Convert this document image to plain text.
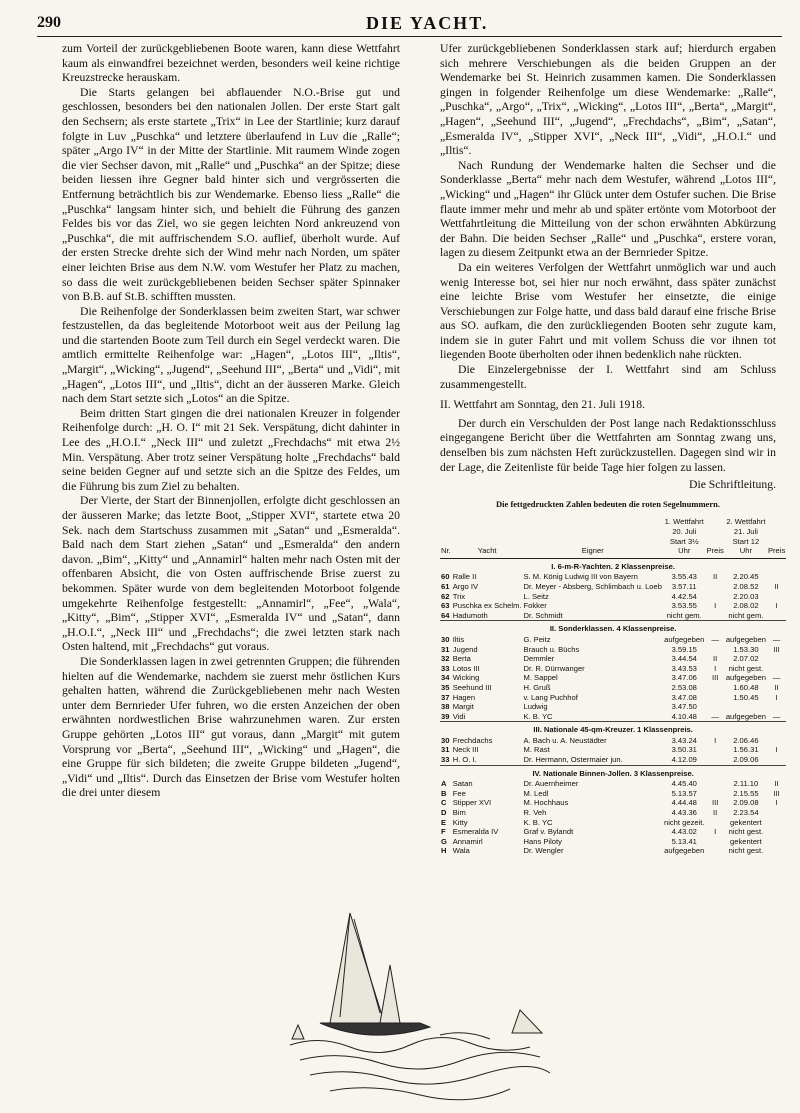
290	DIE YACHT.

zum Vorteil der zurückgebliebenen Boote waren, kann diese Wettfahrt kaum als einwandfrei bezeichnet werden, besonders weil keine richtige Kreuzstrecke herauskam.

Die Starts gelangen bei abflauender N.O.-Brise gut und geschlossen, besonders bei den nationalen Jollen. Der erste Start galt den Sechsern; als erste startete „Trix“ in Lee der Startlinie; kurz darauf folgte in Luv „Puschka“ und letztere überlaufend in Luv die „Ralle“; später „Argo IV“ in der Mitte der Startlinie. Mit raumem Winde zogen die vier Sechser davon, mit „Ralle“ und „Puschka“ an der Spitze; diese beiden liessen ihre Gegner bald hinter sich und vergrösserten die Entfernung beträchtlich bis zur Wendemarke. Ebenso liess „Ralle“ die „Puschka“ langsam hinter sich, und behielt die Führung des ganzen Feldes bis vor das Ziel, wo sie gegen leichten Nord ankreuzend von „Puschka“, die mit auffrischendem S.O. auflief, überholt wurde. Auf der ersten Strecke drehte sich der Wind mehr nach Norden, um später einer leichten Brise aus dem N.W. vom Westufer her Platz zu machen, so dass die weit zurückgebliebenen beiden Sechser später Spinnaker von B.B. auf St.B. schifften mussten.

Die Reihenfolge der Sonderklassen beim zweiten Start, war schwer festzustellen, da das begleitende Motorboot weit aus der Peilung lag und die startenden Boote zum Teil durch ein Segel verdeckt waren. Die amtlich ermittelte Reihenfolge war: „Hagen“, „Lotos III“, „Iltis“, „Margit“, „Wicking“, „Jugend“, „Seehund III“, „Berta“ und „Vidi“, mit „Hagen“, „Lotos III“, und „Iltis“, dicht an der äusseren Marke. Gleich nach dem Start setzte sich „Lotos“ an die Spitze.

Beim dritten Start gingen die drei nationalen Kreuzer in folgender Reihenfolge durch: „H. O. I“ mit 21 Sek. Verspätung, dicht dahinter in Lee des „H.O.I.“ „Neck III“ und zuletzt „Frechdachs“ mit etwa 2½ Min. Verspätung. Aber trotz seiner Verspätung holte „Frechdachs“ bald seine beiden Gegner auf und setzte sich an die Spitze des Feldes, um die Führung bis zum Ziel zu behalten.

Der Vierte, der Start der Binnenjollen, erfolgte dicht geschlossen an der äusseren Marke; das letzte Boot, „Stipper XVI“, startete etwa 20 Sek. nach dem Startschuss zusammen mit „Satan“ und „Esmeralda“. Bald nach dem Start ziehen „Satan“ und „Esmeralda“ den andern davon. „Bim“, „Kitty“ und „Annamirl“ halten mehr nach Osten mit der offenbaren Absicht, die von Osten auffrischende Brise zuerst zu bekommen. Später wurde von dem begleitenden Motorboot folgende umgekehrte Reihenfolge festgestellt: „Annamirl“, „Fee“, „Wala“, „Kitty“, „Bim“, „Stipper XVI“, „Esmeralda IV“ und „Satan“, dann „H.O.I.“, „Neck III“ und „Frechdachs“; die zwei letzten stark nach Osten haltend, mit „Frechdachs“ gut voraus.

Die Sonderklassen lagen in zwei getrennten Gruppen; die führenden hielten auf die Wendemarke, nachdem sie zuerst mehr östlichen Kurs gehalten hatten, während die Zurückgebliebenen mehr nach Westen unter dem Bernrieder Ufer fuhren, wo die ersten Anzeichen der oben erwähnten nordwestlichen Brise wahrzunehmen waren. Zur ersten Gruppe gehörten „Lotos III“ gut voraus, dann „Margit“ mit gutem Vorsprung vor „Berta“, „Seehund III“, „Wicking“ und „Hagen“, die eine Gruppe für sich bildeten; die zweite Gruppe bildeten „Jugend“, „Vidi“ und „Iltis“. Durch das Einsetzen der Brise vom Westufer holten die drei unter diesem

Ufer zurückgebliebenen Sonderklassen stark auf; hierdurch ergaben sich mehrere Verschiebungen als die beiden Gruppen an der Wendemarke bei St. Heinrich zusammen kamen. Die Sonderklassen gingen in folgender Reihenfolge um diese Wendemarke: „Ralle“, „Puschka“, „Argo“, „Trix“, „Wicking“, „Lotos III“, „Berta“, „Margit“, „Hagen“, „Seehund III“, „Jugend“, „Frechdachs“, „Bim“, „Satan“, „Esmeralda IV“, „Stipper XVI“, „Neck III“, „Vidi“, „H.O.I.“ und „Iltis“.

Nach Rundung der Wendemarke halten die Sechser und die Sonderklasse „Berta“ mehr nach dem Westufer, während „Lotos III“, „Wicking“ und „Hagen“ ihr Glück unter dem Ostufer suchen. Die Brise flaute immer mehr und mehr ab und später ertönte vom Motorboot der Wettfahrtleitung die Mitteilung von der schon erwähnten Abkürzung der Bahn. Die beiden Sechser „Ralle“ und „Puschka“, erstere voran, lagen zu diesem Zeitpunkt etwa an der Bernrieder Spitze.

Da ein weiteres Verfolgen der Wettfahrt unmöglich war und auch wenig Interesse bot, sei hier nur noch erwähnt, dass später zunächst eine leichte Brise vom Westufer her einsetzte, die einige Verschiebungen zur Folge hatte, und dass bald darauf eine frische Brise aus SO. aufkam, die den zurückliegenden Booten sehr zugute kam, indem sie in guter Fahrt und mit vollem Schuss die vor ihnen tot liegenden Boote überholten oder ihnen bedenklich nahe rückten.

Die Einzelergebnisse der I. Wettfahrt sind am Schluss zusammengestellt.

II. Wettfahrt am Sonntag, den 21. Juli 1918.

Der durch ein Verschulden der Post lange nach Redaktionsschluss eingegangene Bericht über die Wettfahrten am Sonntag zwang uns, denselben bis zum nächsten Heft zurückzustellen. Dagegen sind wir in der Lage, die Zeitenliste für beide Tage hier folgen zu lassen.

Die Schriftleitung.

Die fettgedruckten Zahlen bedeuten die roten Segelnummern.
Nr.	Yacht	Eigner	1. Wettfahrt 20. Juli Start 3½ Uhr	Preis	2. Wettfahrt 21. Juli Start 12 Uhr	Preis
I. 6-m-R-Yachten. 2 Klassenpreise.						
60	Ralle II	S. M. König Ludwig III von Bayern	3.55.43	II	2.20.45	
61	Argo IV	Dr. Meyer - Absberg, Schlimbach u. Loeb	3.57.11		2.08.52	II
62	Trix	L. Seitz	4.42.54		2.20.03	
63	Puschka ex Schelm.	Fokker	3.53.55	I	2.08.02	I
64	Hadumoth	Dr. Schmidt	nicht gem.		nicht gem.	
II. Sonderklassen. 4 Klassenpreise.						
30	Iltis	G. Peitz	aufgegeben	—	aufgegeben	—
31	Jugend	Brauch u. Büchs	3.59.15		1.53.30	III
32	Berta	Demmler	3.44.54	II	2.07.02	
33	Lotos III	Dr. R. Dürrwanger	3.43.53	I	nicht gest.	
34	Wicking	M. Sappel	3.47.06	III	aufgegeben	—
35	Seehund III	H. Gruß	2.53.08		1.60.48	II
37	Hagen	v. Lang Puchhof	3.47.08		1.50.45	I
38	Margit	Ludwig	3.47.50			
39	Vidi	K. B. YC	4.10.48	—	aufgegeben	—
III. Nationale 45-qm-Kreuzer. 1 Klassenpreis.						
30	Frechdachs	A. Bach u. A. Neustädter	3.43.24	I	2.06.46	
31	Neck III	M. Rast	3.50.31		1.56.31	I
33	H. O. I.	Dr. Hermann, Ostermaier jun.	4.12.09		2.09.06	
IV. Nationale Binnen-Jollen. 3 Klassenpreise.						
A	Satan	Dr. Auernheimer	4.45.40		2.11.10	II
B	Fee	M. Ledl	5.13.57		2.15.55	III
C	Stipper XVI	M. Hochhaus	4.44.48	III	2.09.08	I
D	Bim	R. Veh	4.43.36	II	2.23.54	
E	Kitty	K. B. YC	nicht gezeit.		gekentert	
F	Esmeralda IV	Graf v. Bylandt	4.43.02	I	nicht gest.	
G	Annamirl	Hans Piloty	5.13.41		gekentert	
H	Wala	Dr. Wengler	aufgegeben		nicht gest.	
